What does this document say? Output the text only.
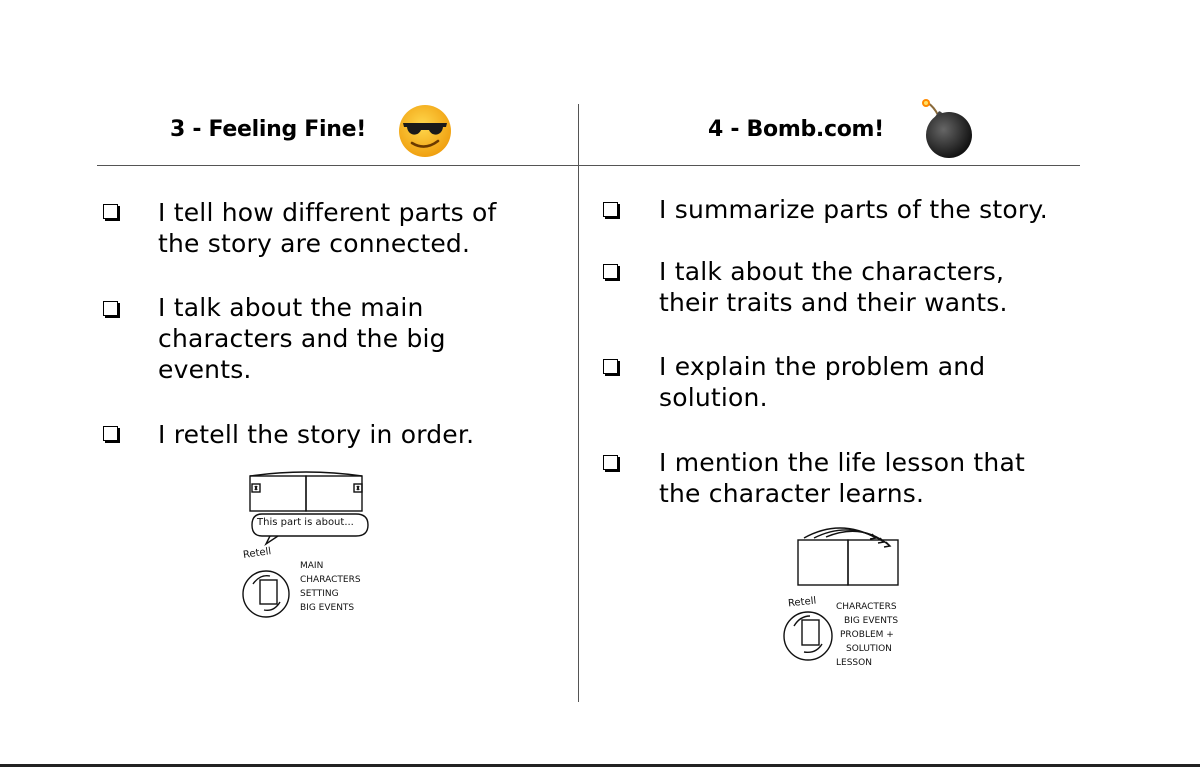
3 - Feeling Fine!	4 - Bomb.com!
I tell how different parts of
the story are connected.
I talk about the main
characters and the big
events.
I retell the story in order.
This part is about...
Retell
MAIN
CHARACTERS
SETTING
BIG EVENTS
I summarize parts of the story.
I talk about the characters,
their traits and their wants.
I explain the problem and
solution.
I mention the life lesson that
the character learns.
Retell CHARACTERS
BIG EVENTS
PROBLEM +
SOLUTION
LESSON
